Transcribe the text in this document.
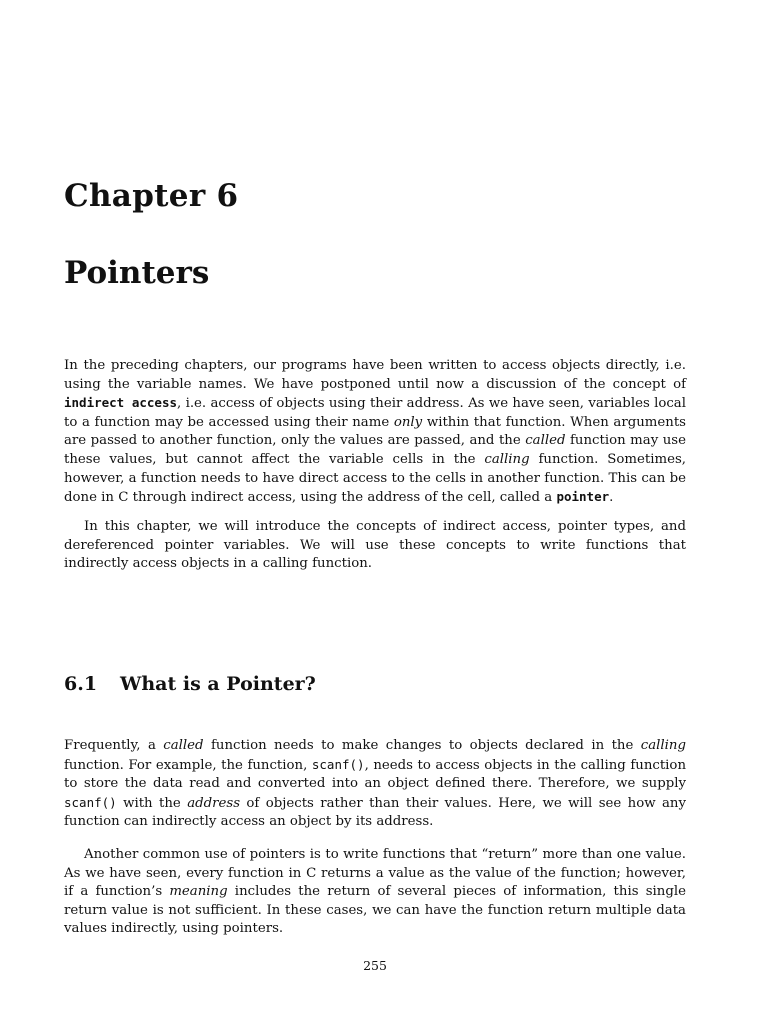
Chapter 6
Pointers

In the preceding chapters, our programs have been written to access objects directly, i.e. using the variable names. We have postponed until now a discussion of the concept of indirect access, i.e. access of objects using their address. As we have seen, variables local to a function may be accessed using their name only within that function. When arguments are passed to another function, only the values are passed, and the called function may use these values, but cannot affect the variable cells in the calling function. Sometimes, however, a function needs to have direct access to the cells in another function. This can be done in C through indirect access, using the address of the cell, called a pointer.

In this chapter, we will introduce the concepts of indirect access, pointer types, and dereferenced pointer variables. We will use these concepts to write functions that indirectly access objects in a calling function.

6.1 What is a Pointer?

Frequently, a called function needs to make changes to objects declared in the calling function. For example, the function, scanf(), needs to access objects in the calling function to store the data read and converted into an object defined there. Therefore, we supply scanf() with the address of objects rather than their values. Here, we will see how any function can indirectly access an object by its address.

Another common use of pointers is to write functions that “return” more than one value. As we have seen, every function in C returns a value as the value of the function; however, if a function’s meaning includes the return of several pieces of information, this single return value is not sufficient. In these cases, we can have the function return multiple data values indirectly, using pointers.

255
